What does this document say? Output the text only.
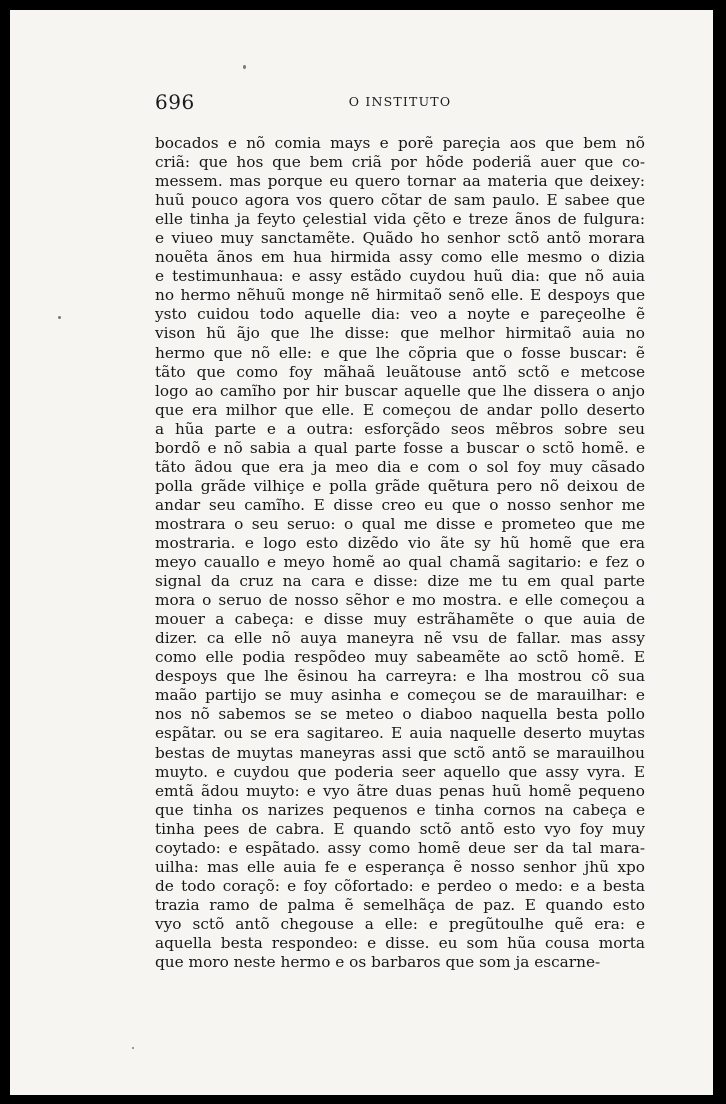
696	O INSTITUTO
bocados e nõ comia mays e porẽ pareçia aos que bem nõ
criã: que hos que bem criã por hõde poderiã auer que co-
messem. mas porque eu quero tornar aa materia que deixey:
huũ pouco agora vos quero cõtar de sam paulo. E sabee que
elle tinha ja feyto çelestial vida çẽto e treze ãnos de fulgura:
e viueo muy sanctamẽte. Quãdo ho senhor sctõ antõ morara
nouẽta ãnos em hua hirmida assy como elle mesmo o dizia
e testimunhaua: e assy estãdo cuydou huũ dia: que nõ auia
no hermo nẽhuũ monge nẽ hirmitaõ senõ elle. E despoys que
ysto cuidou todo aquelle dia: veo a noyte e pareçeolhe ẽ
vison hũ ãjo que lhe disse: que melhor hirmitaõ auia no
hermo que nõ elle: e que lhe cõpria que o fosse buscar: ẽ
tãto que como foy mãhaã leuãtouse antõ sctõ e metcose
logo ao camĩho por hir buscar aquelle que lhe dissera o anjo
que era milhor que elle. E começou de andar pollo deserto
a hũa parte e a outra: esforçãdo seos mẽbros sobre seu
bordõ e nõ sabia a qual parte fosse a buscar o sctõ homẽ. e
tãto ãdou que era ja meo dia e com o sol foy muy cãsado
polla grãde vilhiçe e polla grãde quẽtura pero nõ deixou de
andar seu camĩho. E disse creo eu que o nosso senhor me
mostrara o seu seruo: o qual me disse e prometeo que me
mostraria. e logo esto dizẽdo vio ãte sy hũ homẽ que era
meyo cauallo e meyo homẽ ao qual chamã sagitario: e fez o
signal da cruz na cara e disse: dize me tu em qual parte
mora o seruo de nosso sẽhor e mo mostra. e elle começou a
mouer a cabeça: e disse muy estrãhamẽte o que auia de
dizer. ca elle nõ auya maneyra nẽ vsu de fallar. mas assy
como elle podia respõdeo muy sabeamẽte ao sctõ homẽ. E
despoys que lhe ẽsinou ha carreyra: e lha mostrou cõ sua
maão partijo se muy asinha e começou se de marauilhar: e
nos nõ sabemos se se meteo o diaboo naquella besta pollo
espãtar. ou se era sagitareo. E auia naquelle deserto muytas
bestas de muytas maneyras assi que sctõ antõ se marauilhou
muyto. e cuydou que poderia seer aquello que assy vyra. E
emtã ãdou muyto: e vyo ãtre duas penas huũ homẽ pequeno
que tinha os narizes pequenos e tinha cornos na cabeça e
tinha pees de cabra. E quando sctõ antõ esto vyo foy muy
coytado: e espãtado. assy como homẽ deue ser da tal mara-
uilha: mas elle auia fe e esperança ẽ nosso senhor jhũ xpo
de todo coraçõ: e foy cõfortado: e perdeo o medo: e a besta
trazia ramo de palma ẽ semelhãça de paz. E quando esto
vyo sctõ antõ chegouse a elle: e pregũtoulhe quẽ era: e
aquella besta respondeo: e disse. eu som hũa cousa morta
que moro neste hermo e os barbaros que som ja escarne-
